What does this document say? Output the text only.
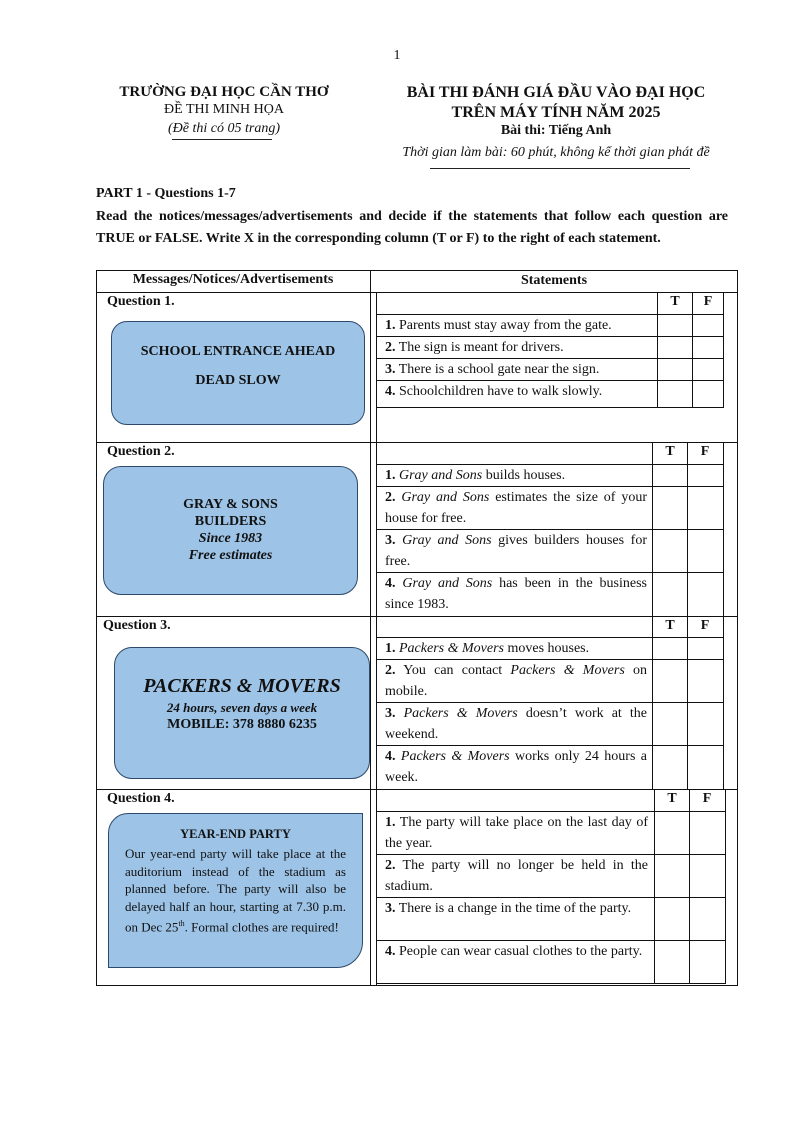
1
TRƯỜNG ĐẠI HỌC CẦN THƠ
ĐỀ THI MINH HỌA
(Đề thi có 05 trang)
BÀI THI ĐÁNH GIÁ ĐẦU VÀO ĐẠI HỌC
TRÊN MÁY TÍNH NĂM 2025
Bài thi: Tiếng Anh
Thời gian làm bài: 60 phút, không kể thời gian phát đề
PART 1 - Questions 1-7
Read the notices/messages/advertisements and decide if the statements that follow each question are TRUE or FALSE. Write X in the corresponding column (T or F) to the right of each statement.
Messages/Notices/Advertisements	Statements
Question 1.
SCHOOL ENTRANCE AHEAD
DEAD SLOW
T	F
1. Parents must stay away from the gate.
2. The sign is meant for drivers.
3. There is a school gate near the sign.
4. Schoolchildren have to walk slowly.
Question 2.
GRAY & SONS
BUILDERS
Since 1983
Free estimates
T	F
1. Gray and Sons builds houses.
2. Gray and Sons estimates the size of your house for free.
3. Gray and Sons gives builders houses for free.
4. Gray and Sons has been in the business since 1983.
Question 3.
PACKERS & MOVERS
24 hours, seven days a week
MOBILE: 378 8880 6235
T	F
1. Packers & Movers moves houses.
2. You can contact Packers & Movers on mobile.
3. Packers & Movers doesn’t work at the weekend.
4. Packers & Movers works only 24 hours a week.
Question 4.
YEAR-END PARTY
Our year-end party will take place at the auditorium instead of the stadium as planned before. The party will also be delayed half an hour, starting at 7.30 p.m. on Dec 25th. Formal clothes are required!
T	F
1. The party will take place on the last day of the year.
2. The party will no longer be held in the stadium.
3. There is a change in the time of the party.
4. People can wear casual clothes to the party.
